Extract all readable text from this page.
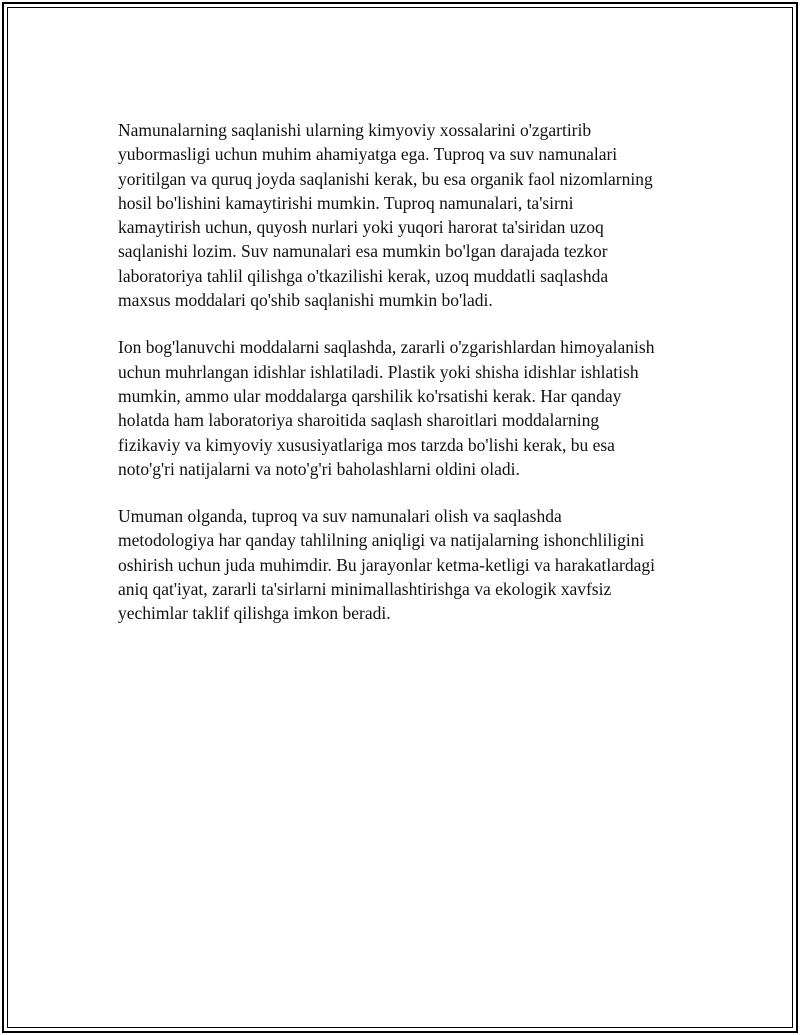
Namunalarning saqlanishi ularning kimyoviy xossalarini o'zgartirib
yubormasligi uchun muhim ahamiyatga ega. Tuproq va suv namunalari
yoritilgan va quruq joyda saqlanishi kerak, bu esa organik faol nizomlarning
hosil bo'lishini kamaytirishi mumkin. Tuproq namunalari, ta'sirni
kamaytirish uchun, quyosh nurlari yoki yuqori harorat ta'siridan uzoq
saqlanishi lozim. Suv namunalari esa mumkin bo'lgan darajada tezkor
laboratoriya tahlil qilishga o'tkazilishi kerak, uzoq muddatli saqlashda
maxsus moddalari qo'shib saqlanishi mumkin bo'ladi.

Ion bog'lanuvchi moddalarni saqlashda, zararli o'zgarishlardan himoyalanish
uchun muhrlangan idishlar ishlatiladi. Plastik yoki shisha idishlar ishlatish
mumkin, ammo ular moddalarga qarshilik ko'rsatishi kerak. Har qanday
holatda ham laboratoriya sharoitida saqlash sharoitlari moddalarning
fizikaviy va kimyoviy xususiyatlariga mos tarzda bo'lishi kerak, bu esa
noto'g'ri natijalarni va noto'g'ri baholashlarni oldini oladi.

Umuman olganda, tuproq va suv namunalari olish va saqlashda
metodologiya har qanday tahlilning aniqligi va natijalarning ishonchliligini
oshirish uchun juda muhimdir. Bu jarayonlar ketma-ketligi va harakatlardagi
aniq qat'iyat, zararli ta'sirlarni minimallashtirishga va ekologik xavfsiz
yechimlar taklif qilishga imkon beradi.
